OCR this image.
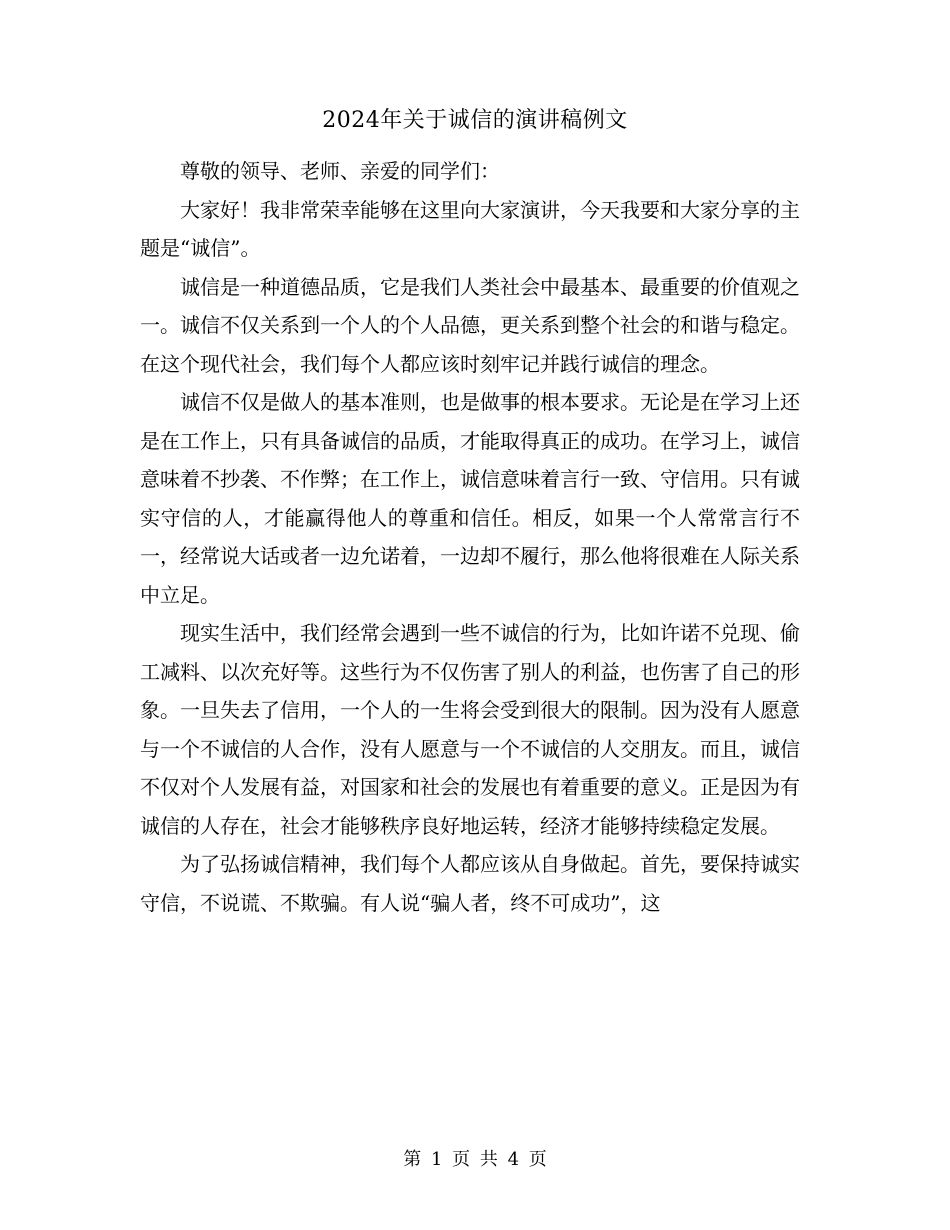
2024年关于诚信的演讲稿例文

尊敬的领导、老师、亲爱的同学们：

大家好！我非常荣幸能够在这里向大家演讲，今天我要和大家分享的主题是“诚信”。

诚信是一种道德品质，它是我们人类社会中最基本、最重要的价值观之一。诚信不仅关系到一个人的个人品德，更关系到整个社会的和谐与稳定。在这个现代社会，我们每个人都应该时刻牢记并践行诚信的理念。

诚信不仅是做人的基本准则，也是做事的根本要求。无论是在学习上还是在工作上，只有具备诚信的品质，才能取得真正的成功。在学习上，诚信意味着不抄袭、不作弊；在工作上，诚信意味着言行一致、守信用。只有诚实守信的人，才能赢得他人的尊重和信任。相反，如果一个人常常言行不一，经常说大话或者一边允诺着，一边却不履行，那么他将很难在人际关系中立足。

现实生活中，我们经常会遇到一些不诚信的行为，比如许诺不兑现、偷工减料、以次充好等。这些行为不仅伤害了别人的利益，也伤害了自己的形象。一旦失去了信用，一个人的一生将会受到很大的限制。因为没有人愿意与一个不诚信的人合作，没有人愿意与一个不诚信的人交朋友。而且，诚信不仅对个人发展有益，对国家和社会的发展也有着重要的意义。正是因为有诚信的人存在，社会才能够秩序良好地运转，经济才能够持续稳定发展。

为了弘扬诚信精神，我们每个人都应该从自身做起。首先，要保持诚实守信，不说谎、不欺骗。有人说“骗人者，终不可成功”，这

第 1 页 共 4 页
